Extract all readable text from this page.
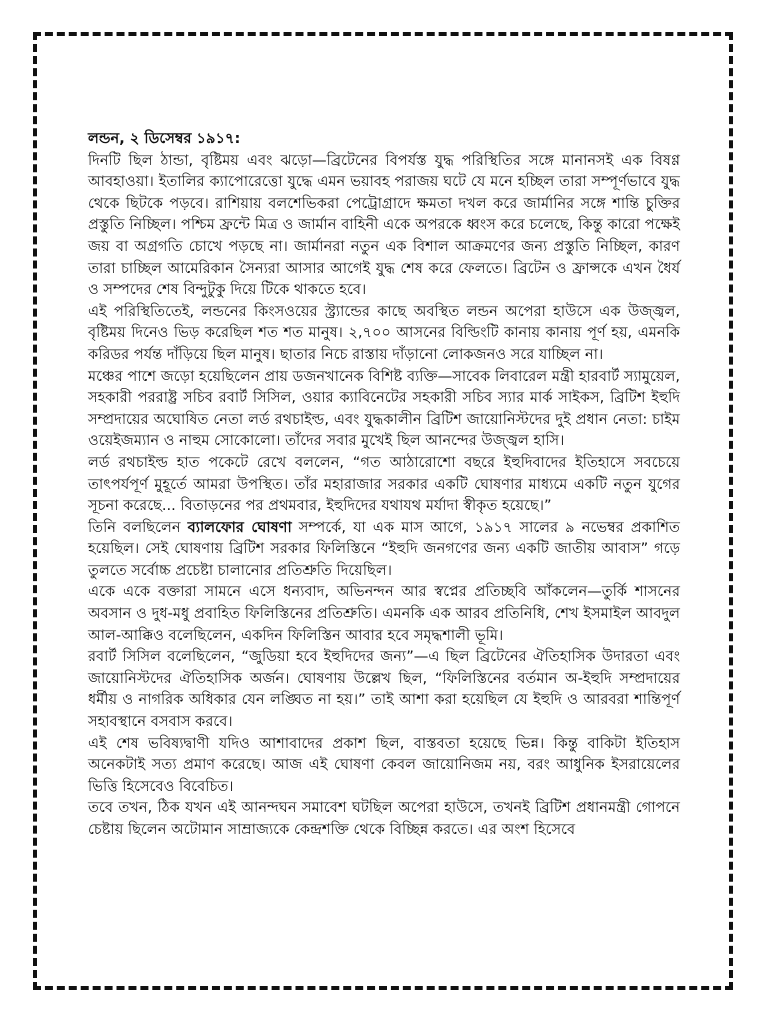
লন্ডন, ২ ডিসেম্বর ১৯১৭:

দিনটি ছিল ঠান্ডা, বৃষ্টিময় এবং ঝড়ো—ব্রিটেনের বিপর্যস্ত যুদ্ধ পরিস্থিতির সঙ্গে মানানসই এক বিষণ্ণ আবহাওয়া। ইতালির ক্যাপোরেত্তো যুদ্ধে এমন ভয়াবহ পরাজয় ঘটে যে মনে হচ্ছিল তারা সম্পূর্ণভাবে যুদ্ধ থেকে ছিটকে পড়বে। রাশিয়ায় বলশেভিকরা পেট্রোগ্রাদে ক্ষমতা দখল করে জার্মানির সঙ্গে শান্তি চুক্তির প্রস্তুতি নিচ্ছিল। পশ্চিম ফ্রন্টে মিত্র ও জার্মান বাহিনী একে অপরকে ধ্বংস করে চলেছে, কিন্তু কারো পক্ষেই জয় বা অগ্রগতি চোখে পড়ছে না। জার্মানরা নতুন এক বিশাল আক্রমণের জন্য প্রস্তুতি নিচ্ছিল, কারণ তারা চাচ্ছিল আমেরিকান সৈন্যরা আসার আগেই যুদ্ধ শেষ করে ফেলতে। ব্রিটেন ও ফ্রান্সকে এখন ধৈর্য ও সম্পদের শেষ বিন্দুটুকু দিয়ে টিকে থাকতে হবে।

এই পরিস্থিতিতেই, লন্ডনের কিংসওয়ের স্ট্র্যান্ডের কাছে অবস্থিত লন্ডন অপেরা হাউসে এক উজ্জ্বল, বৃষ্টিময় দিনেও ভিড় করেছিল শত শত মানুষ। ২,৭০০ আসনের বিল্ডিংটি কানায় কানায় পূর্ণ হয়, এমনকি করিডর পর্যন্ত দাঁড়িয়ে ছিল মানুষ। ছাতার নিচে রাস্তায় দাঁড়ানো লোকজনও সরে যাচ্ছিল না।

মঞ্চের পাশে জড়ো হয়েছিলেন প্রায় ডজনখানেক বিশিষ্ট ব্যক্তি—সাবেক লিবারেল মন্ত্রী হারবার্ট স্যামুয়েল, সহকারী পররাষ্ট্র সচিব রবার্ট সিসিল, ওয়ার ক্যাবিনেটের সহকারী সচিব স্যার মার্ক সাইকস, ব্রিটিশ ইহুদি সম্প্রদায়ের অঘোষিত নেতা লর্ড রথচাইল্ড, এবং যুদ্ধকালীন ব্রিটিশ জায়োনিস্টদের দুই প্রধান নেতা: চাইম ওয়েইজম্যান ও নাহুম সোকোলো। তাঁদের সবার মুখেই ছিল আনন্দের উজ্জ্বল হাসি।

লর্ড রথচাইল্ড হাত পকেটে রেখে বললেন, “গত আঠারোশো বছরে ইহুদিবাদের ইতিহাসে সবচেয়ে তাৎপর্যপূর্ণ মুহূর্তে আমরা উপস্থিত। তাঁর মহারাজার সরকার একটি ঘোষণার মাধ্যমে একটি নতুন যুগের সূচনা করেছে... বিতাড়নের পর প্রথমবার, ইহুদিদের যথাযথ মর্যাদা স্বীকৃত হয়েছে।”

তিনি বলছিলেন ব্যালফোর ঘোষণা সম্পর্কে, যা এক মাস আগে, ১৯১৭ সালের ৯ নভেম্বর প্রকাশিত হয়েছিল। সেই ঘোষণায় ব্রিটিশ সরকার ফিলিস্তিনে “ইহুদি জনগণের জন্য একটি জাতীয় আবাস” গড়ে তুলতে সর্বোচ্চ প্রচেষ্টা চালানোর প্রতিশ্রুতি দিয়েছিল।

একে একে বক্তারা সামনে এসে ধন্যবাদ, অভিনন্দন আর স্বপ্নের প্রতিচ্ছবি আঁকলেন—তুর্কি শাসনের অবসান ও দুধ-মধু প্রবাহিত ফিলিস্তিনের প্রতিশ্রুতি। এমনকি এক আরব প্রতিনিধি, শেখ ইসমাইল আবদুল আল-আক্কিও বলেছিলেন, একদিন ফিলিস্তিন আবার হবে সমৃদ্ধশালী ভূমি।

রবার্ট সিসিল বলেছিলেন, “জুডিয়া হবে ইহুদিদের জন্য”—এ ছিল ব্রিটেনের ঐতিহাসিক উদারতা এবং জায়োনিস্টদের ঐতিহাসিক অর্জন। ঘোষণায় উল্লেখ ছিল, “ফিলিস্তিনের বর্তমান অ-ইহুদি সম্প্রদায়ের ধর্মীয় ও নাগরিক অধিকার যেন লঙ্ঘিত না হয়।” তাই আশা করা হয়েছিল যে ইহুদি ও আরবরা শান্তিপূর্ণ সহাবস্থানে বসবাস করবে।

এই শেষ ভবিষ্যদ্বাণী যদিও আশাবাদের প্রকাশ ছিল, বাস্তবতা হয়েছে ভিন্ন। কিন্তু বাকিটা ইতিহাস অনেকটাই সত্য প্রমাণ করেছে। আজ এই ঘোষণা কেবল জায়োনিজম নয়, বরং আধুনিক ইসরায়েলের ভিত্তি হিসেবেও বিবেচিত।

তবে তখন, ঠিক যখন এই আনন্দঘন সমাবেশ ঘটছিল অপেরা হাউসে, তখনই ব্রিটিশ প্রধানমন্ত্রী গোপনে চেষ্টায় ছিলেন অটোমান সাম্রাজ্যকে কেন্দ্রশক্তি থেকে বিচ্ছিন্ন করতে। এর অংশ হিসেবে
